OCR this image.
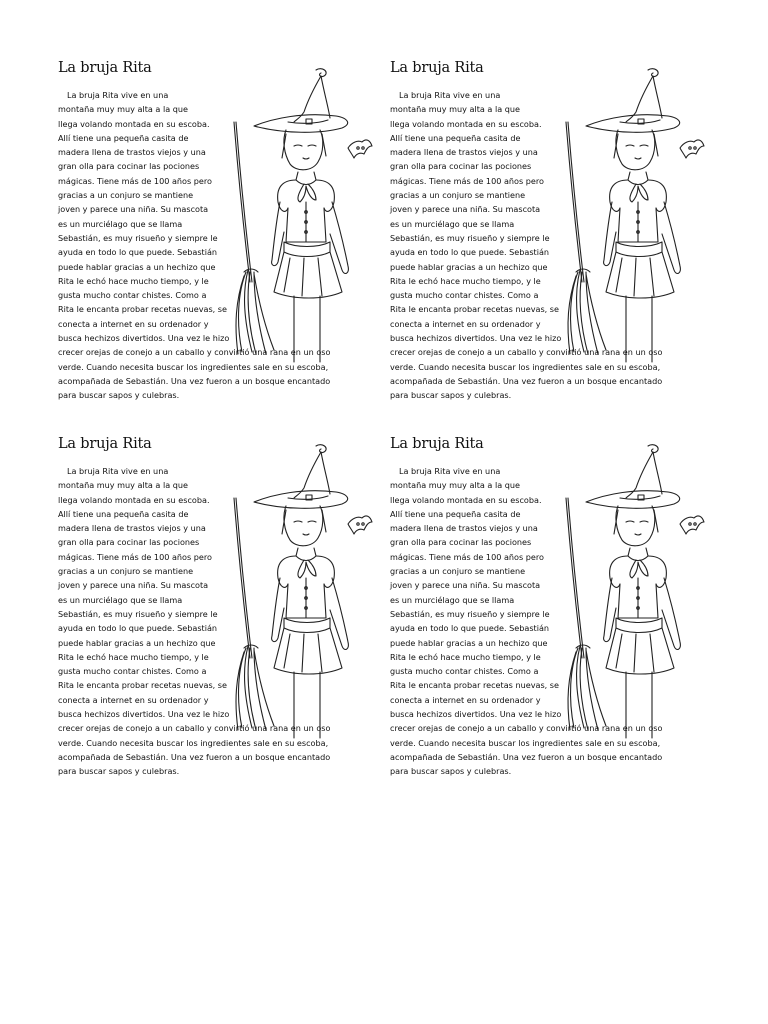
La bruja Rita
La bruja Rita vive en una
montaña muy muy alta a la que
llega volando montada en su escoba.
Allí tiene una pequeña casita de
madera llena de trastos viejos y una
gran olla para cocinar las pociones
mágicas. Tiene más de 100 años pero
gracias a un conjuro se mantiene
joven y parece una niña. Su mascota
es un murciélago que se llama
Sebastián, es muy risueño y siempre le
ayuda en todo lo que puede. Sebastián
puede hablar gracias a un hechizo que
Rita le echó hace mucho tiempo, y le
gusta mucho contar chistes. Como a
Rita le encanta probar recetas nuevas, se
conecta a internet en su ordenador y
busca hechizos divertidos. Una vez le hizo
crecer orejas de conejo a un caballo y convirtió una rana en un oso
verde. Cuando necesita buscar los ingredientes sale en su escoba,
acompañada de Sebastián. Una vez fueron a un bosque encantado
para buscar sapos y culebras.
La bruja Rita
La bruja Rita vive en una
montaña muy muy alta a la que
llega volando montada en su escoba.
Allí tiene una pequeña casita de
madera llena de trastos viejos y una
gran olla para cocinar las pociones
mágicas. Tiene más de 100 años pero
gracias a un conjuro se mantiene
joven y parece una niña. Su mascota
es un murciélago que se llama
Sebastián, es muy risueño y siempre le
ayuda en todo lo que puede. Sebastián
puede hablar gracias a un hechizo que
Rita le echó hace mucho tiempo, y le
gusta mucho contar chistes. Como a
Rita le encanta probar recetas nuevas, se
conecta a internet en su ordenador y
busca hechizos divertidos. Una vez le hizo
crecer orejas de conejo a un caballo y convirtió una rana en un oso
verde. Cuando necesita buscar los ingredientes sale en su escoba,
acompañada de Sebastián. Una vez fueron a un bosque encantado
para buscar sapos y culebras.
La bruja Rita
La bruja Rita vive en una
montaña muy muy alta a la que
llega volando montada en su escoba.
Allí tiene una pequeña casita de
madera llena de trastos viejos y una
gran olla para cocinar las pociones
mágicas. Tiene más de 100 años pero
gracias a un conjuro se mantiene
joven y parece una niña. Su mascota
es un murciélago que se llama
Sebastián, es muy risueño y siempre le
ayuda en todo lo que puede. Sebastián
puede hablar gracias a un hechizo que
Rita le echó hace mucho tiempo, y le
gusta mucho contar chistes. Como a
Rita le encanta probar recetas nuevas, se
conecta a internet en su ordenador y
busca hechizos divertidos. Una vez le hizo
crecer orejas de conejo a un caballo y convirtió una rana en un oso
verde. Cuando necesita buscar los ingredientes sale en su escoba,
acompañada de Sebastián. Una vez fueron a un bosque encantado
para buscar sapos y culebras.
La bruja Rita
La bruja Rita vive en una
montaña muy muy alta a la que
llega volando montada en su escoba.
Allí tiene una pequeña casita de
madera llena de trastos viejos y una
gran olla para cocinar las pociones
mágicas. Tiene más de 100 años pero
gracias a un conjuro se mantiene
joven y parece una niña. Su mascota
es un murciélago que se llama
Sebastián, es muy risueño y siempre le
ayuda en todo lo que puede. Sebastián
puede hablar gracias a un hechizo que
Rita le echó hace mucho tiempo, y le
gusta mucho contar chistes. Como a
Rita le encanta probar recetas nuevas, se
conecta a internet en su ordenador y
busca hechizos divertidos. Una vez le hizo
crecer orejas de conejo a un caballo y convirtió una rana en un oso
verde. Cuando necesita buscar los ingredientes sale en su escoba,
acompañada de Sebastián. Una vez fueron a un bosque encantado
para buscar sapos y culebras.
